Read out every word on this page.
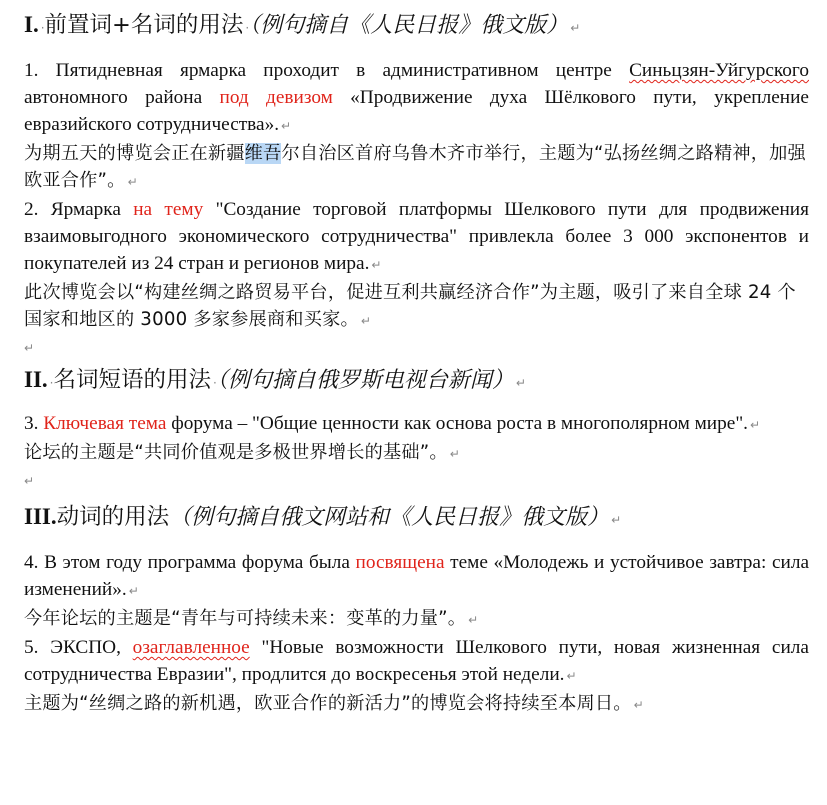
I. ·前置词+名词的用法 ·（例句摘自《人民日报》俄文版） ↵

1. Пятидневная ярмарка проходит в административном центре Синьцзян-Уйгурского автономного района под девизом «Продвижение духа Шёлкового пути, укрепление евразийского сотрудничества». ↵

为期五天的博览会正在新疆维吾尔自治区首府乌鲁木齐市举行，主题为“弘扬丝绸之路精神，加强欧亚合作”。 ↵

2. Ярмарка на тему "Создание торговой платформы Шелкового пути для продвижения взаимовыгодного экономического сотрудничества" привлекла более 3 000 экспонентов и покупателей из 24 стран и регионов мира. ↵

此次博览会以“构建丝绸之路贸易平台，促进互利共赢经济合作”为主题，吸引了来自全球 24 个国家和地区的 3000 多家参展商和买家。 ↵

↵
II. ·名词短语的用法 ·（例句摘自俄罗斯电视台新闻） ↵

3. Ключевая тема форума – "Общие ценности как основа роста в многополярном мире". ↵

论坛的主题是“共同价值观是多极世界增长的基础”。 ↵

↵
III.动词的用法（例句摘自俄文网站和《人民日报》俄文版） ↵

4. В этом году программа форума была посвящена теме «Молодежь и устойчивое завтра: сила изменений». ↵

今年论坛的主题是“青年与可持续未来：变革的力量”。 ↵

5. ЭКСПО, озаглавленное "Новые возможности Шелкового пути, новая жизненная сила сотрудничества Евразии", продлится до воскресенья этой недели. ↵

主题为“丝绸之路的新机遇，欧亚合作的新活力”的博览会将持续至本周日。 ↵
